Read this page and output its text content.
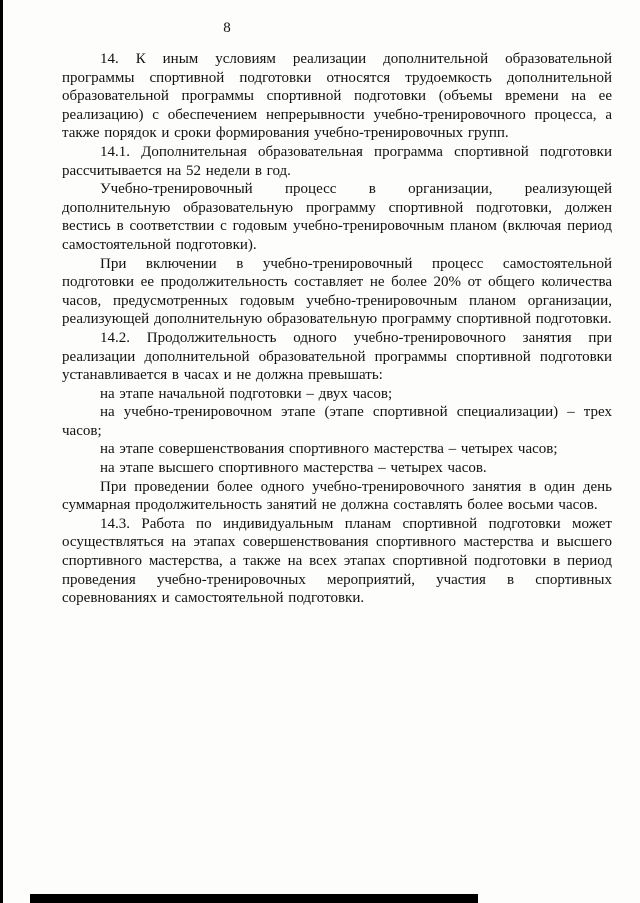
8

14. К иным условиям реализации дополнительной образовательной программы спортивной подготовки относятся трудоемкость дополнительной образовательной программы спортивной подготовки (объемы времени на ее реализацию) с обеспечением непрерывности учебно-тренировочного процесса, а также порядок и сроки формирования учебно-тренировочных групп.

14.1. Дополнительная образовательная программа спортивной подготовки рассчитывается на 52 недели в год.

Учебно-тренировочный процесс в организации, реализующей дополнительную образовательную программу спортивной подготовки, должен вестись в соответствии с годовым учебно-тренировочным планом (включая период самостоятельной подготовки).

При включении в учебно-тренировочный процесс самостоятельной подготовки ее продолжительность составляет не более 20% от общего количества часов, предусмотренных годовым учебно-тренировочным планом организации, реализующей дополнительную образовательную программу спортивной подготовки.

14.2. Продолжительность одного учебно-тренировочного занятия при реализации дополнительной образовательной программы спортивной подготовки устанавливается в часах и не должна превышать:

на этапе начальной подготовки – двух часов;

на учебно-тренировочном этапе (этапе спортивной специализации) – трех часов;

на этапе совершенствования спортивного мастерства – четырех часов;

на этапе высшего спортивного мастерства – четырех часов.

При проведении более одного учебно-тренировочного занятия в один день суммарная продолжительность занятий не должна составлять более восьми часов.

14.3. Работа по индивидуальным планам спортивной подготовки может осуществляться на этапах совершенствования спортивного мастерства и высшего спортивного мастерства, а также на всех этапах спортивной подготовки в период проведения учебно-тренировочных мероприятий, участия в спортивных соревнованиях и самостоятельной подготовки.
